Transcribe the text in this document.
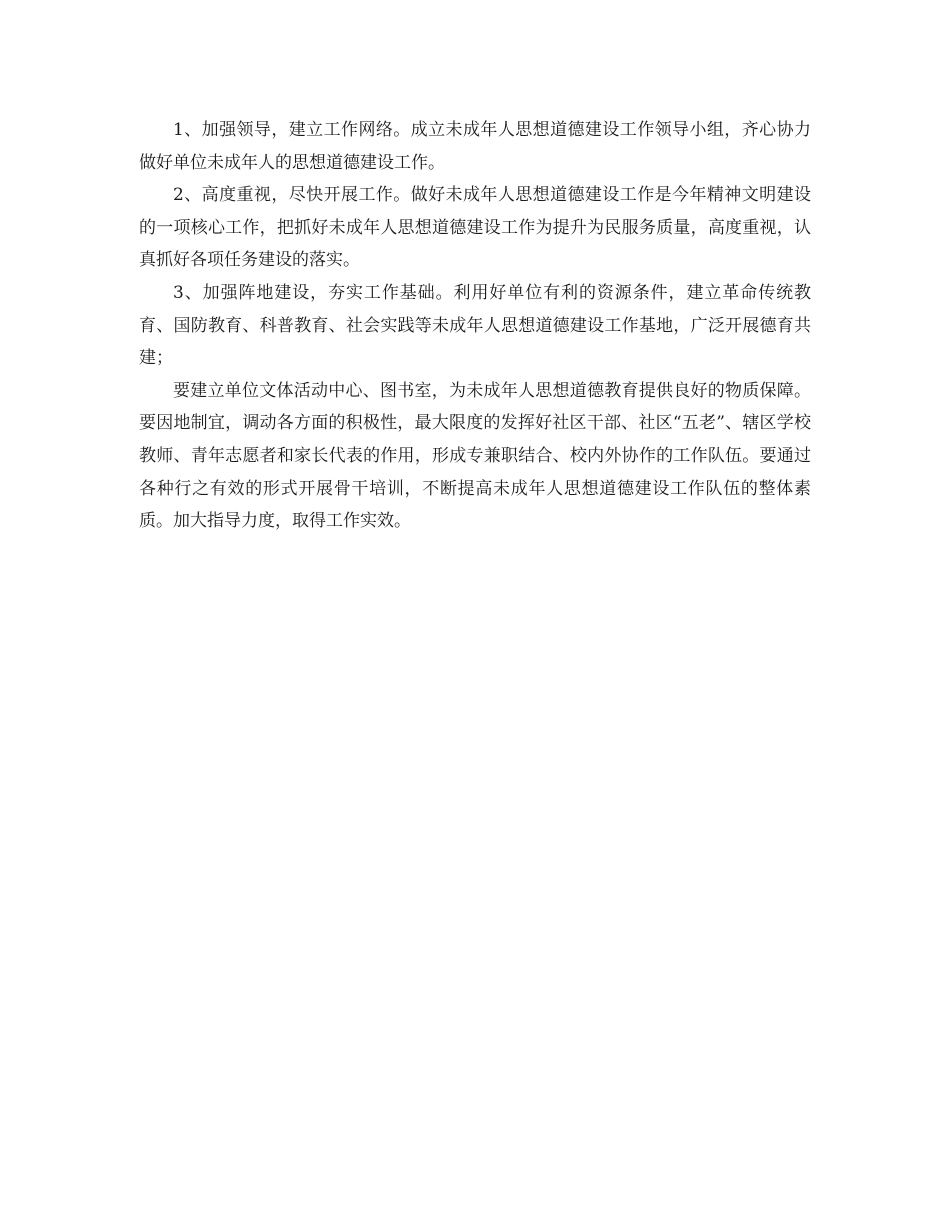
1、加强领导，建立工作网络。成立未成年人思想道德建设工作领导小组，齐心协力做好单位未成年人的思想道德建设工作。

2、高度重视，尽快开展工作。做好未成年人思想道德建设工作是今年精神文明建设的一项核心工作，把抓好未成年人思想道德建设工作为提升为民服务质量，高度重视，认真抓好各项任务建设的落实。

3、加强阵地建设，夯实工作基础。利用好单位有利的资源条件，建立革命传统教育、国防教育、科普教育、社会实践等未成年人思想道德建设工作基地，广泛开展德育共建；

要建立单位文体活动中心、图书室，为未成年人思想道德教育提供良好的物质保障。要因地制宜，调动各方面的积极性，最大限度的发挥好社区干部、社区“五老”、辖区学校教师、青年志愿者和家长代表的作用，形成专兼职结合、校内外协作的工作队伍。要通过各种行之有效的形式开展骨干培训，不断提高未成年人思想道德建设工作队伍的整体素质。加大指导力度，取得工作实效。
